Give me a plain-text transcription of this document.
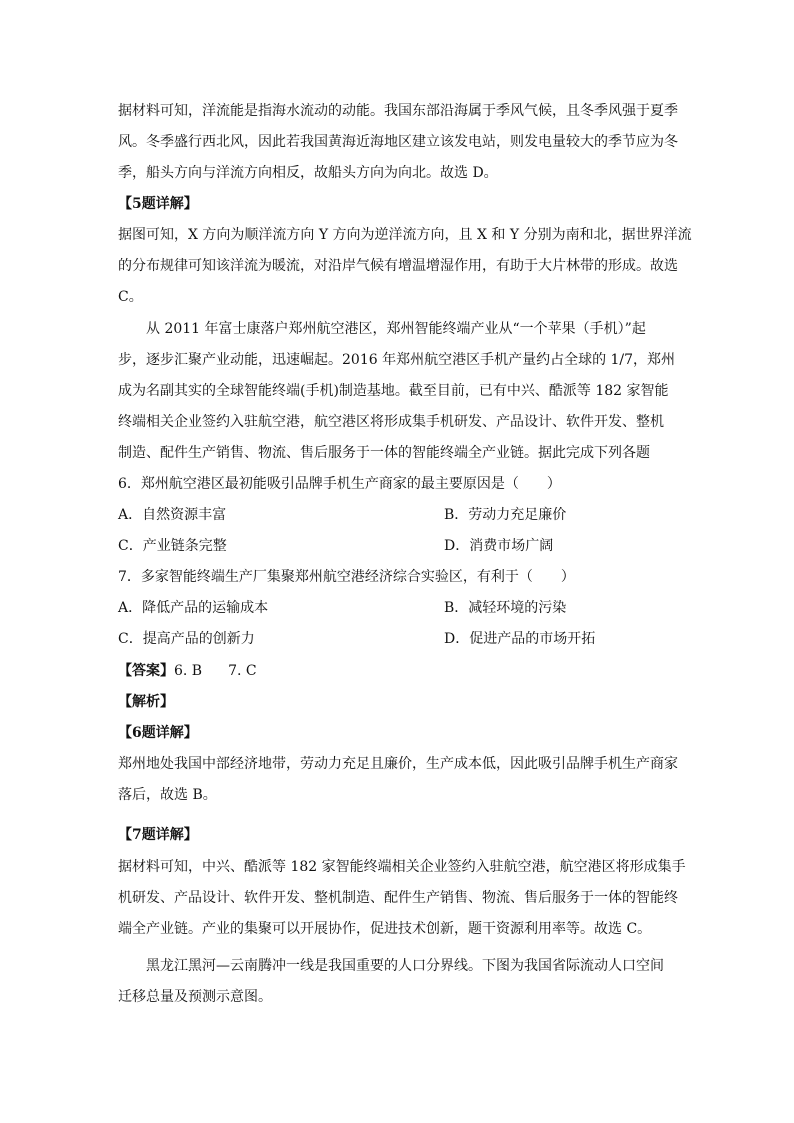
据材料可知，洋流能是指海水流动的动能。我国东部沿海属于季风气候，且冬季风强于夏季
风。冬季盛行西北风，因此若我国黄海近海地区建立该发电站，则发电量较大的季节应为冬
季，船头方向与洋流方向相反，故船头方向为向北。故选 D。
【5题详解】
据图可知，X 方向为顺洋流方向 Y 方向为逆洋流方向，且 X 和 Y 分别为南和北，据世界洋流
的分布规律可知该洋流为暖流，对沿岸气候有增温增湿作用，有助于大片林带的形成。故选
C。
从 2011 年富士康落户郑州航空港区，郑州智能终端产业从“一个苹果（手机）”起
步，逐步汇聚产业动能，迅速崛起。2016 年郑州航空港区手机产量约占全球的 1/7，郑州
成为名副其实的全球智能终端(手机)制造基地。截至目前，已有中兴、酷派等 182 家智能
终端相关企业签约入驻航空港，航空港区将形成集手机研发、产品设计、软件开发、整机
制造、配件生产销售、物流、售后服务于一体的智能终端全产业链。据此完成下列各题
6．郑州航空港区最初能吸引品牌手机生产商家的最主要原因是（　　）
A．自然资源丰富	B．劳动力充足廉价
C．产业链条完整	D．消费市场广阔
7．多家智能终端生产厂集聚郑州航空港经济综合实验区，有利于（　　）
A．降低产品的运输成本	B．减轻环境的污染
C．提高产品的创新力	D．促进产品的市场开拓
【答案】6. B 7. C
【解析】
【6题详解】
郑州地处我国中部经济地带，劳动力充足且廉价，生产成本低，因此吸引品牌手机生产商家
落后，故选 B。
【7题详解】
据材料可知，中兴、酷派等 182 家智能终端相关企业签约入驻航空港，航空港区将形成集手
机研发、产品设计、软件开发、整机制造、配件生产销售、物流、售后服务于一体的智能终
端全产业链。产业的集聚可以开展协作，促进技术创新，题干资源利用率等。故选 C。
黑龙江黑河—云南腾冲一线是我国重要的人口分界线。下图为我国省际流动人口空间
迁移总量及预测示意图。
